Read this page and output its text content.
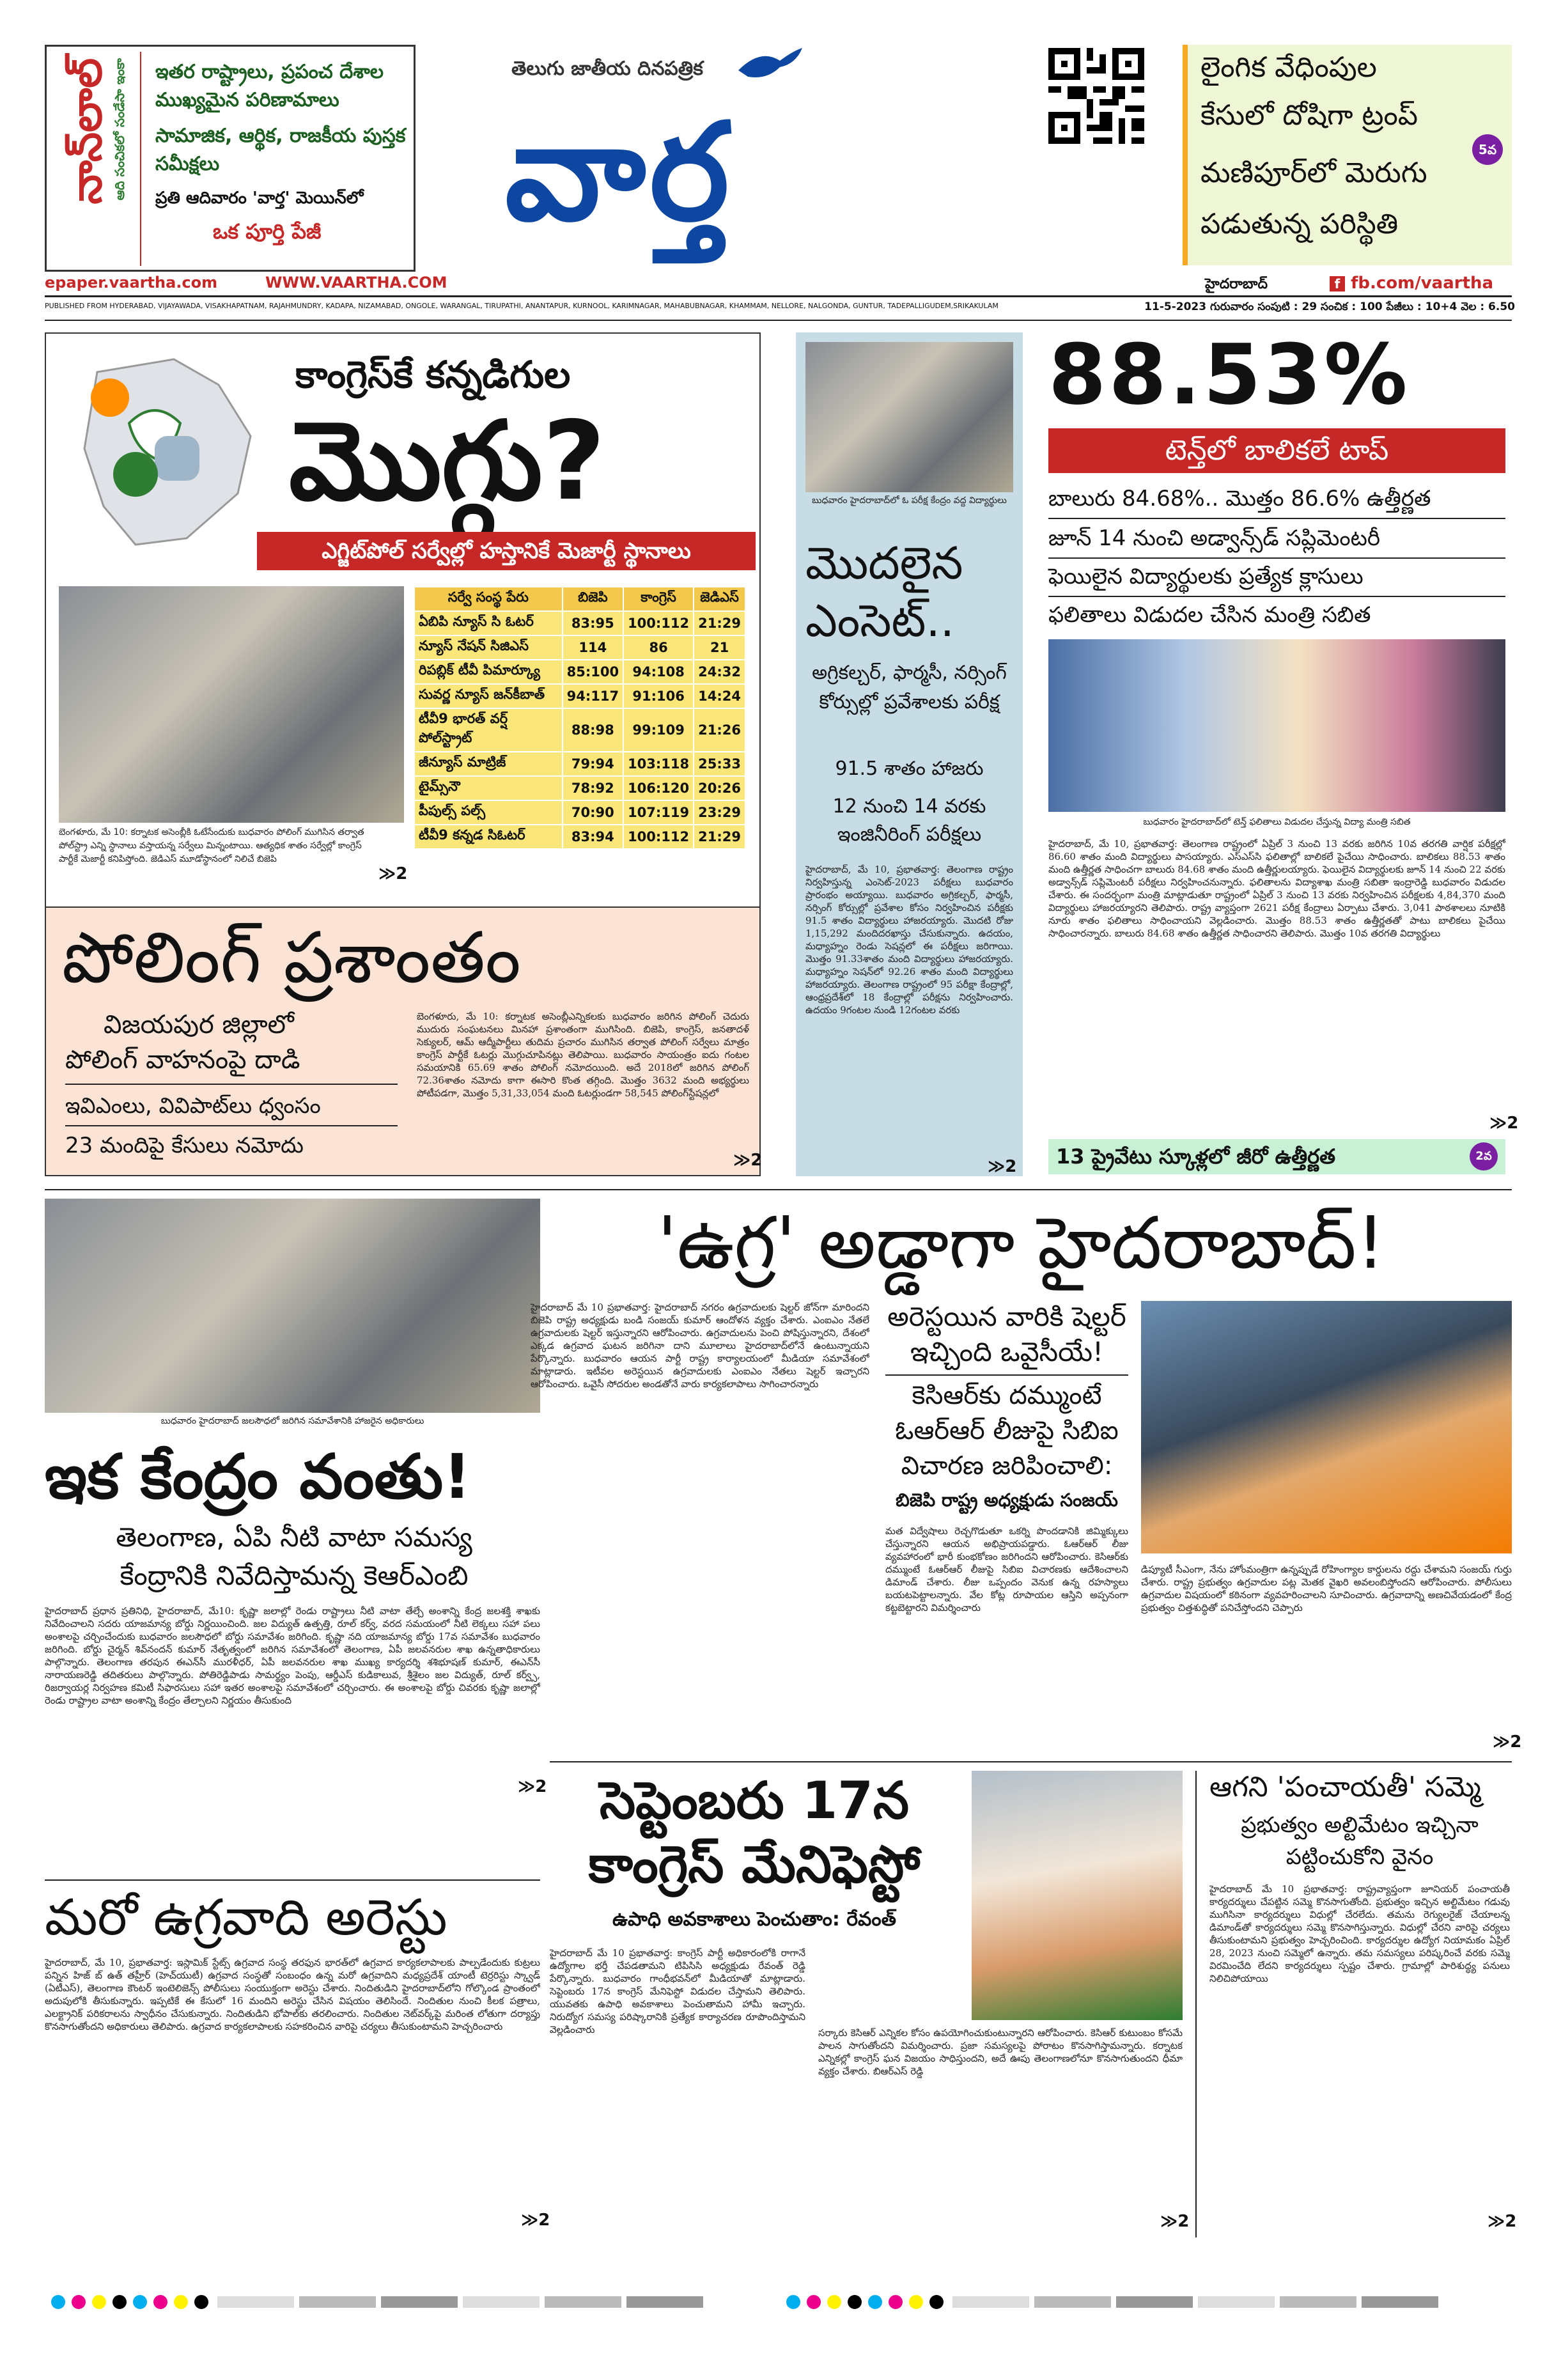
నాన్‌లాల్ ఆది సంచికలో సండేసా ఇంకా ఇతర రాష్ట్రాలు, ప్రపంచ దేశాల ముఖ్యమైన పరిణామాలు
సామాజిక, ఆర్థిక, రాజకీయ పుస్తక సమీక్షలు
ప్రతి ఆదివారం 'వార్త' మెయిన్‌లో
ఒక పూర్తి పేజీ
epaper.vaartha.com	WWW.VAARTHA.COM
తెలుగు జాతీయ దినపత్రిక
వార్త
లైంగిక వేధింపుల
కేసులో దోషిగా ట్రంప్
5వ
మణిపూర్‌లో మెరుగు
పడుతున్న పరిస్థితి
హైదరాబాద్	f fb.com/vaartha
PUBLISHED FROM HYDERABAD, VIJAYAWADA, VISAKHAPATNAM, RAJAHMUNDRY, KADAPA, NIZAMABAD, ONGOLE, WARANGAL, TIRUPATHI, ANANTAPUR, KURNOOL, KARIMNAGAR, MAHABUBNAGAR, KHAMMAM, NELLORE, NALGONDA, GUNTUR, TADEPALLIGUDEM,SRIKAKULAM	11-5-2023 గురువారం సంపుటి : 29 సంచిక : 100 పేజీలు : 10+4 వెల : 6.50
కాంగ్రెస్‌కే కన్నడిగుల
మొగ్గు?
ఎగ్జిట్‌పోల్ సర్వేల్లో హస్తానికే మెజార్టీ స్థానాలు
బెంగళూరు, మే 10: కర్నాటక అసెంబ్లీకి ఓటేసేందుకు బుధవారం పోలింగ్ ముగిసిన తర్వాత పోల్‌స్ట్రా ఎన్ని స్థానాలు వస్తాయన్న సర్వేలు మిన్నంటాయి. ఆత్యధిక శాతం సర్వేల్లో కాంగ్రెస్ పార్టీకే మెజార్టీ కనిపిస్తోంది. జెడిఎస్ మూడోస్థానంలో నిలిచే బిజెపి
≫2
సర్వే సంస్థ పేరు	బిజెపి	కాంగ్రెస్	జెడిఎస్
ఏబిపి న్యూస్ సి ఓటర్	83:95	100:112	21:29
న్యూస్ నేషన్ సిజిఎస్	114	86	21
రిపబ్లిక్ టీవీ పిమార్క్యూ	85:100	94:108	24:32
సువర్ణ న్యూస్ జన్‌కీబాత్	94:117	91:106	14:24
టీవీ9 భారత్ వర్ష్ పోల్‌స్ట్రాట్	88:98	99:109	21:26
జీన్యూస్ మాట్రిజ్	79:94	103:118	25:33
టైమ్స్‌నౌ	78:92	106:120	20:26
పీపుల్స్ పల్స్	70:90	107:119	23:29
టీవీ9 కన్నడ సిఓటర్	83:94	100:112	21:29
పోలింగ్ ప్రశాంతం
విజయపుర జిల్లాలో
పోలింగ్ వాహనంపై దాడి
ఇవిఎంలు, వివిపాట్‌లు ధ్వంసం
23 మందిపై కేసులు నమోదు
బెంగళూరు, మే 10: కర్నాటక అసెంబ్లీఎన్నికలకు బుధవారం జరిగిన పోలింగ్ చెదురు ముదురు సంఘటనలు మినహా ప్రశాంతంగా ముగిసింది. బిజెపి, కాంగ్రెస్, జనతాదళ్ సెక్యులర్, ఆమ్ ఆద్మీపార్టీలు తుదిమ ప్రచారం ముగిసిన తర్వాత పోలింగ్ సర్వేలు మాత్రం కాంగ్రెస్ పార్టీకే ఓటర్లు మొగ్గుచూపినట్లు తెలిపాయి. బుధవారం సాయంత్రం ఐదు గంటల సమయానికి 65.69 శాతం పోలింగ్ నమోదయింది. అదే 2018లో జరిగిన పోలింగ్ 72.36శాతం నమోదు కాగా ఈసారి కొంత తగ్గింది. మొత్తం 3632 మంది అభ్యర్థులు పోటీపడగా, మొత్తం 5,31,33,054 మంది ఓటర్లుండగా 58,545 పోలింగ్‌స్టేషన్లలో
≫2
బుధవారం హైదరాబాద్‌లో ఓ పరీక్ష కేంద్రం వద్ద విద్యార్థులు
మొదలైన
ఎంసెట్..
అగ్రికల్చర్, ఫార్మసీ, నర్సింగ్ కోర్సుల్లో ప్రవేశాలకు పరీక్ష
91.5 శాతం హాజరు
12 నుంచి 14 వరకు ఇంజినీరింగ్ పరీక్షలు
హైదరాబాద్, మే 10, ప్రభాతవార్త: తెలంగాణ రాష్ట్రం నిర్వహిస్తున్న ఎంసెట్-2023 పరీక్షలు బుధవారం ప్రారంభం అయ్యాయి. బుధవారం అగ్రికల్చర్, ఫార్మసీ, నర్సింగ్ కోర్సుల్లో ప్రవేశాల కోసం నిర్వహించిన పరీక్షకు 91.5 శాతం విద్యార్థులు హాజరయ్యారు. మొదటి రోజు 1,15,292 మందిదరఖాస్తు చేసుకున్నారు. ఉదయం, మధ్యాహ్నం రెండు సెషన్లలో ఈ పరీక్షలు జరిగాయి. మొత్తం 91.33శాతం మంది విద్యార్థులు హాజరయ్యారు. మధ్యాహ్నం సెషన్‌లో 92.26 శాతం మంది విద్యార్థులు హాజరయ్యారు. తెలంగాణ రాష్ట్రంలో 95 పరీక్షా కేంద్రాల్లో, ఆంధ్రప్రదేశ్‌లో 18 కేంద్రాల్లో పరీక్షను నిర్వహించారు. ఉదయం 9గంటల నుండి 12గంటల వరకు
≫2
88.53%
టెన్త్‌లో బాలికలే టాప్
బాలురు 84.68%.. మొత్తం 86.6% ఉత్తీర్ణత
జూన్ 14 నుంచి అడ్వాన్స్‌డ్ సప్లిమెంటరీ
ఫెయిలైన విద్యార్థులకు ప్రత్యేక క్లాసులు
ఫలితాలు విడుదల చేసిన మంత్రి సబిత
బుధవారం హైదరాబాద్‌లో టెన్త్ ఫలితాలు విడుదల చేస్తున్న విద్యా మంత్రి సబిత
హైదరాబాద్, మే 10, ప్రభాతవార్త: తెలంగాణ రాష్ట్రంలో ఏప్రిల్ 3 నుంచి 13 వరకు జరిగిన 10వ తరగతి వార్షిక పరీక్షల్లో 86.60 శాతం మంది విద్యార్థులు పాసయ్యారు. ఎస్ఎస్‌సి ఫలితాల్లో బాలికలే పైచేయి సాధించారు. బాలికలు 88.53 శాతం మంది ఉత్తీర్ణత సాధించగా బాలురు 84.68 శాతం మంది ఉత్తీర్ణులయ్యారు. ఫెయిలైన విద్యార్థులకు జూన్ 14 నుంచి 22 వరకు అడ్వాన్స్‌డ్ సప్లిమెంటరీ పరీక్షలు నిర్వహించనున్నారు. ఫలితాలను విద్యాశాఖ మంత్రి సబితా ఇంద్రారెడ్డి బుధవారం విడుదల చేశారు. ఈ సందర్భంగా మంత్రి మాట్లాడుతూ రాష్ట్రంలో ఏప్రిల్ 3 నుంచి 13 వరకు నిర్వహించిన పరీక్షలకు 4,84,370 మంది విద్యార్థులు హాజరయ్యారని తెలిపారు. రాష్ట్ర వ్యాప్తంగా 2621 పరీక్ష కేంద్రాలు ఏర్పాటు చేశారు. 3,041 పాఠశాలలు నూటికి నూరు శాతం ఫలితాలు సాధించాయని వెల్లడించారు. మొత్తం 88.53 శాతం ఉత్తీర్ణతతో పాటు బాలికలు పైచేయి సాధించారన్నారు. బాలురు 84.68 శాతం ఉత్తీర్ణత సాధించారని తెలిపారు. మొత్తం 10వ తరగతి విద్యార్థులు
≫2
13 ప్రైవేటు స్కూళ్లలో జీరో ఉత్తీర్ణత	2వ
బుధవారం హైదరాబాద్ జలసౌధలో జరిగిన సమావేశానికి హాజరైన అధికారులు
ఇక కేంద్రం వంతు!
తెలంగాణ, ఏపి నీటి వాటా సమస్య
కేంద్రానికి నివేదిస్తామన్న కెఆర్ఎంబి
హైదరాబాద్ ప్రధాన ప్రతినిధి, హైదరాబాద్, మే10: కృష్ణా జలాల్లో రెండు రాష్ట్రాలు నీటి వాటా తేల్చే అంశాన్ని కేంద్ర జలశక్తి శాఖకు నివేదించాలని సదరు యాజమాన్య బోర్డు నిర్ణయించింది. జల విద్యుత్ ఉత్పత్తి, రూల్ కర్వ్, వరద సమయంలో నీటి లెక్కలు సహా పలు అంశాలపై చర్చించేందుకు బుధవారం జలసౌధలో బోర్డు సమావేశం జరిగింది. కృష్ణా నది యాజమాన్య బోర్డు 17వ సమావేశం బుధవారం జరిగింది. బోర్డు చైర్మన్ శివ్‌నందన్ కుమార్ నేతృత్వంలో జరిగిన సమావేశంలో తెలంగాణ, ఏపీ జలవనరుల శాఖ ఉన్నతాధికారులు పాల్గొన్నారు. తెలంగాణ తరపున ఈఎన్‌సీ మురళీధర్, ఏపీ జలవనరుల శాఖ ముఖ్య కార్యదర్శి శశిభూషణ్ కుమార్, ఈఎన్‌సీ నారాయణరెడ్డి తదితరులు పాల్గొన్నారు. పోతిరెడ్డిపాడు సామర్థ్యం పెంపు, ఆర్డీఎస్ కుడికాలువ, శ్రీశైలం జల విద్యుత్, రూల్ కర్వ్స్, రిజర్వాయర్ల నిర్వహణ కమిటీ సిఫారసులు సహా ఇతర అంశాలపై సమావేశంలో చర్చించారు. ఈ అంశాలపై బోర్డు చివరకు కృష్ణా జలాల్లో రెండు రాష్ట్రాల వాటా అంశాన్ని కేంద్రం తేల్చాలని నిర్ణయం తీసుకుంది
≫2
మరో ఉగ్రవాది అరెస్టు
హైదరాబాద్, మే 10, ప్రభాతవార్త: ఇస్లామిక్ స్టేట్స్ ఉగ్రవాద సంస్థ తరఫున భారత్‌లో ఉగ్రవాద కార్యకలాపాలకు పాల్పడేందుకు కుట్రలు పన్నిన హిజ్ బ్ ఉత్ తహ్రీర్ (హెచ్‌యుటీ) ఉగ్రవాద సంస్థతో సంబంధం ఉన్న మరో ఉగ్రవాదిని మధ్యప్రదేశ్ యాంటీ టెర్రరిస్టు స్క్వాడ్ (ఏటీఎస్), తెలంగాణ కౌంటర్ ఇంటెలిజెన్స్ పోలీసులు సంయుక్తంగా అరెస్టు చేశారు. నిందితుడిని హైదరాబాద్‌లోని గోల్కొండ ప్రాంతంలో అదుపులోకి తీసుకున్నారు. ఇప్పటికే ఈ కేసులో 16 మందిని అరెస్టు చేసిన విషయం తెలిసిందే. నిందితుల నుంచి కీలక పత్రాలు, ఎలక్ట్రానిక్ పరికరాలను స్వాధీనం చేసుకున్నారు. నిందితుడిని భోపాల్‌కు తరలించారు. నిందితుల నెట్‌వర్క్‌పై మరింత లోతుగా దర్యాప్తు కొనసాగుతోందని అధికారులు తెలిపారు. ఉగ్రవాద కార్యకలాపాలకు సహకరించిన వారిపై చర్యలు తీసుకుంటామని హెచ్చరించారు
≫2
'ఉగ్ర' అడ్డాగా హైదరాబాద్!
హైదరాబాద్ మే 10 ప్రభాతవార్త: హైదరాబాద్ నగరం ఉగ్రవాదులకు షెల్టర్ జోన్‌గా మారిందని బిజెపి రాష్ట్ర అధ్యక్షుడు బండి సంజయ్ కుమార్ ఆందోళన వ్యక్తం చేశారు. ఎంఐఎం నేతలే ఉగ్రవాదులకు షెల్టర్ ఇస్తున్నారని ఆరోపించారు. ఉగ్రవాదులను పెంచి పోషిస్తున్నారని, దేశంలో ఎక్కడ ఉగ్రవాద ఘటన జరిగినా దాని మూలాలు హైదరాబాద్‌లోనే ఉంటున్నాయని పేర్కొన్నారు. బుధవారం ఆయన పార్టీ రాష్ట్ర కార్యాలయంలో మీడియా సమావేశంలో మాట్లాడారు. ఇటీవల అరెస్టయిన ఉగ్రవాదులకు ఎంఐఎం నేతలు షెల్టర్ ఇచ్చారని ఆరోపించారు. ఒవైసీ సోదరుల అండతోనే వారు కార్యకలాపాలు సాగించారన్నారు
అరెస్టయిన వారికి షెల్టర్
ఇచ్చింది ఒవైసీయే!
కెసిఆర్‌కు దమ్ముంటే
ఓఆర్ఆర్ లీజుపై సిబిఐ
విచారణ జరిపించాలి:
బిజెపి రాష్ట్ర అధ్యక్షుడు సంజయ్
మత విద్వేషాలు రెచ్చగొడుతూ ఒకర్ని పొందడానికి జిమ్మిక్కులు చేస్తున్నారని ఆయన అభిప్రాయపడ్డారు. ఓఆర్ఆర్ లీజు వ్యవహారంలో భారీ కుంభకోణం జరిగిందని ఆరోపించారు. కెసిఆర్‌కు దమ్ముంటే ఓఆర్ఆర్ లీజుపై సిబిఐ విచారణకు ఆదేశించాలని డిమాండ్ చేశారు. లీజు ఒప్పందం వెనుక ఉన్న రహస్యాలు బయటపెట్టాలన్నారు. వేల కోట్ల రూపాయల ఆస్తిని అప్పనంగా కట్టబెట్టారని విమర్శించారు
డిప్యూటీ సీఎంగా, నేను హోంమంత్రిగా ఉన్నప్పుడే రోహింగ్యాల కార్డులను రద్దు చేశామని సంజయ్ గుర్తు చేశారు. రాష్ట్ర ప్రభుత్వం ఉగ్రవాదుల పట్ల మెతక వైఖరి అవలంబిస్తోందని ఆరోపించారు. పోలీసులు ఉగ్రవాదుల విషయంలో కఠినంగా వ్యవహరించాలని సూచించారు. ఉగ్రవాదాన్ని అణచివేయడంలో కేంద్ర ప్రభుత్వం చిత్తశుద్ధితో పనిచేస్తోందని చెప్పారు
≫2
సెప్టెంబరు 17న
కాంగ్రెస్ మేనిఫెస్టో
ఉపాధి అవకాశాలు పెంచుతాం: రేవంత్
హైదరాబాద్ మే 10 ప్రభాతవార్త: కాంగ్రెస్ పార్టీ అధికారంలోకి రాగానే ఉద్యోగాల భర్తీ చేపడతామని టిపిసిసి అధ్యక్షుడు రేవంత్ రెడ్డి పేర్కొన్నారు. బుధవారం గాంధీభవన్‌లో మీడియాతో మాట్లాడారు. సెప్టెంబరు 17న కాంగ్రెస్ మేనిఫెస్టో విడుదల చేస్తామని తెలిపారు. యువతకు ఉపాధి అవకాశాలు పెంచుతామని హామీ ఇచ్చారు. నిరుద్యోగ సమస్య పరిష్కారానికి ప్రత్యేక కార్యాచరణ రూపొందిస్తామని వెల్లడించారు	సర్కారు కెసిఆర్ ఎన్నికల కోసం ఉపయోగించుకుంటున్నారని ఆరోపించారు. కెసిఆర్ కుటుంబం కోసమే పాలన సాగుతోందని విమర్శించారు. ప్రజా సమస్యలపై పోరాటం కొనసాగిస్తామన్నారు. కర్నాటక ఎన్నికల్లో కాంగ్రెస్ ఘన విజయం సాధిస్తుందని, అదే ఊపు తెలంగాణలోనూ కొనసాగుతుందని ధీమా వ్యక్తం చేశారు. బిఆర్ఎస్ రెడ్డి
≫2
ఆగని 'పంచాయతీ' సమ్మె
ప్రభుత్వం అల్టిమేటం ఇచ్చినా
పట్టించుకోని వైనం
హైదరాబాద్ మే 10 ప్రభాతవార్త: రాష్ట్రవ్యాప్తంగా జూనియర్ పంచాయతీ కార్యదర్శులు చేపట్టిన సమ్మె కొనసాగుతోంది. ప్రభుత్వం ఇచ్చిన అల్టిమేటం గడువు ముగిసినా కార్యదర్శులు విధుల్లో చేరలేదు. తమను రెగ్యులరైజ్ చేయాలన్న డిమాండ్‌తో కార్యదర్శులు సమ్మె కొనసాగిస్తున్నారు. విధుల్లో చేరని వారిపై చర్యలు తీసుకుంటామని ప్రభుత్వం హెచ్చరించింది. కార్యదర్శుల ఉద్యోగ నియామకం ఏప్రిల్ 28, 2023 నుంచి సమ్మెలో ఉన్నారు. తమ సమస్యలు పరిష్కరించే వరకు సమ్మె విరమించేది లేదని కార్యదర్శులు స్పష్టం చేశారు. గ్రామాల్లో పారిశుద్ధ్య పనులు నిలిచిపోయాయి
≫2
